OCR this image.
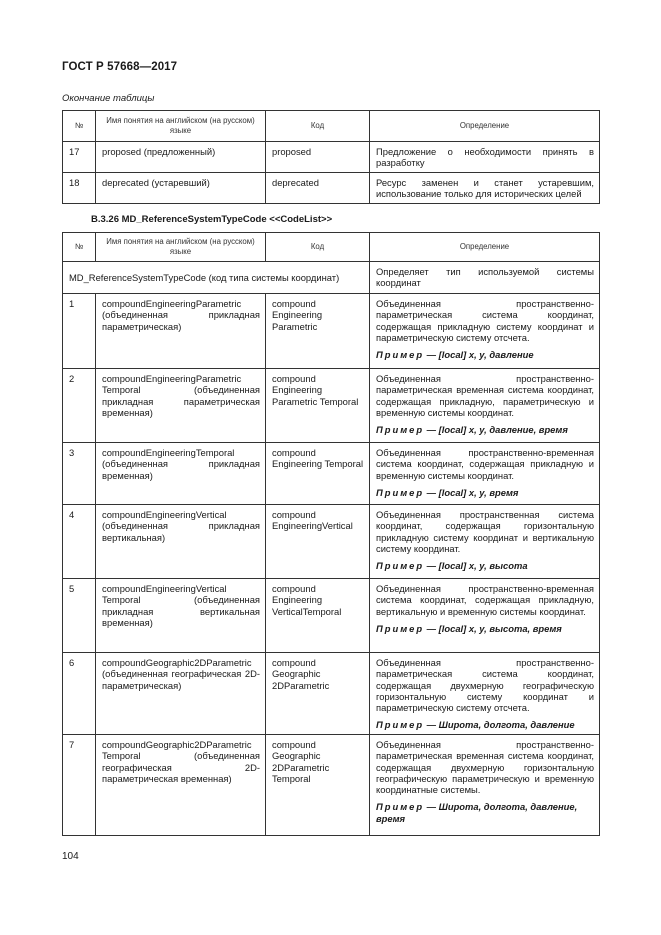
ГОСТ Р 57668—2017
Окончание таблицы
№	Имя понятия на английском (на русском) языке	Код	Определение
17	proposed (предложенный)	proposed	Предложение о необходимости принять в разработку
18	deprecated (устаревший)	deprecated	Ресурс заменен и станет устаревшим, использование только для исторических целей
В.3.26 MD_ReferenceSystemTypeCode <<CodeList>>
№	Имя понятия на английском (на русском) языке	Код	Определение
MD_ReferenceSystemTypeCode (код типа системы координат)			Определяет тип используемой системы координат
1	compoundEngineeringParametric (объединенная прикладная параметрическая)	compound Engineering Parametric	Объединенная пространственно-параметрическая система координат, содержащая прикладную систему координат и параметрическую систему отсчета.

Пример — [local] x, y, давление

2	compoundEngineeringParametric Temporal (объединенная прикладная параметрическая временная)	compound Engineering Parametric Temporal	Объединенная пространственно-параметрическая временная система координат, содержащая прикладную, параметрическую и временную системы координат.

Пример — [local] x, y, давление, время

3	compoundEngineeringTemporal (объединенная прикладная временная)	compound Engineering Temporal	Объединенная пространственно-временная система координат, содержащая прикладную и временную системы координат.

Пример — [local] x, y, время

4	compoundEngineeringVertical (объединенная прикладная вертикальная)	compound EngineeringVertical	Объединенная пространственная система координат, содержащая горизонтальную прикладную систему координат и вертикальную систему координат.

Пример — [local] x, y, высота

5	compoundEngineeringVertical Temporal (объединенная прикладная вертикальная временная)	compound Engineering VerticalTemporal	Объединенная пространственно-временная система координат, содержащая прикладную, вертикальную и временную системы координат.

Пример — [local] x, y, высота, время

6	compoundGeographic2DParametric (объединенная географическая 2D-параметрическая)	compound Geographic 2DParametric	Объединенная пространственно-параметрическая система координат, содержащая двухмерную географическую горизонтальную систему координат и параметрическую систему отсчета.

Пример — Широта, долгота, давление

7	compoundGeographic2DParametric Temporal (объединенная географическая 2D-параметрическая временная)	compound Geographic 2DParametric Temporal	Объединенная пространственно-параметрическая временная система координат, содержащая двухмерную горизонтальную географическую параметрическую и временную координатные системы.

Пример — Широта, долгота, давление, время

104
